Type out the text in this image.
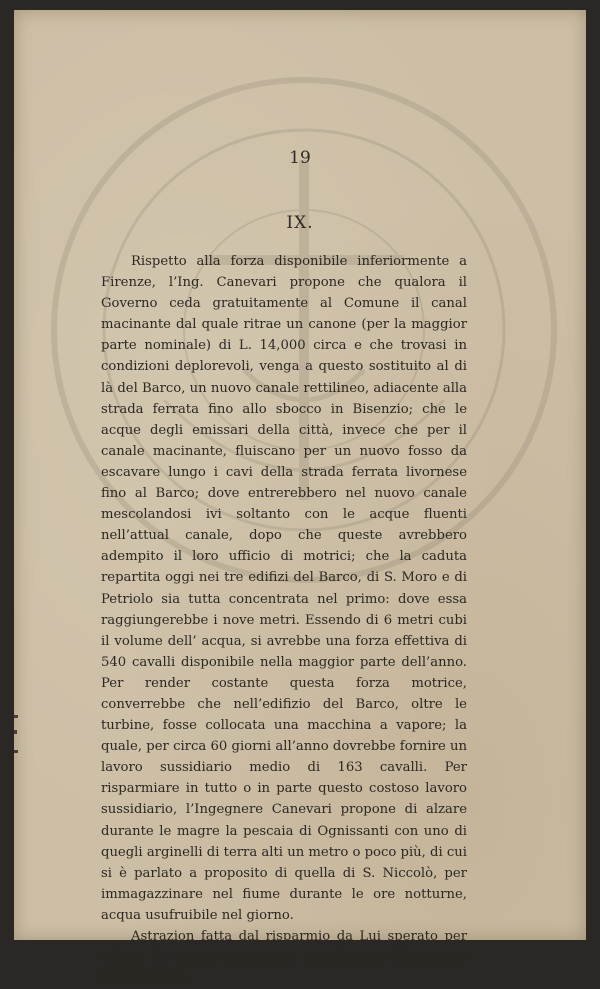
19
IX.

Rispetto alla forza disponibile inferiormente a Firenze, l’Ing. Canevari propone che qualora il Governo ceda gratuitamente al Comune il canal macinante dal quale ritrae un canone (per la maggior parte nominale) di L. 14,000 circa e che trovasi in condizioni deplorevoli, venga a questo sostituito al di là del Barco, un nuovo canale rettilineo, adiacente alla strada ferrata fino allo sbocco in Bisenzio; che le acque degli emissari della città, invece che per il canale macinante, fluiscano per un nuovo fosso da escavare lungo i cavi della strada ferrata livornese fino al Barco; dove entrerebbero nel nuovo canale mescolandosi ivi soltanto con le acque fluenti nell’attual canale, dopo che queste avrebbero adempito il loro ufficio di motrici; che la caduta repartita oggi nei tre edifizi del Barco, di S. Moro e di Petriolo sia tutta concentrata nel primo: dove essa raggiungerebbe i nove metri. Essendo di 6 metri cubi il volume dell’ acqua, si avrebbe una forza effettiva di 540 cavalli disponibile nella maggior parte dell’anno. Per render costante questa forza motrice, converrebbe che nell’edifizio del Barco, oltre le turbine, fosse collocata una macchina a vapore; la quale, per circa 60 giorni all’anno dovrebbe fornire un lavoro sussidiario medio di 163 cavalli. Per risparmiare in tutto o in parte questo costoso lavoro sussidiario, l’Ingegnere Canevari propone di alzare durante le magre la pescaia di Ognissanti con uno di quegli arginelli di terra alti un metro o poco più, di cui si è parlato a proposito di quella di S. Niccolò, per immagazzinare nel fiume durante le ore notturne, acqua usufruibile nel giorno.

Astrazion fatta dal risparmio da Lui sperato per effetto di questo ingegnoso espediente, l’Ingegnere Canevari pre-
